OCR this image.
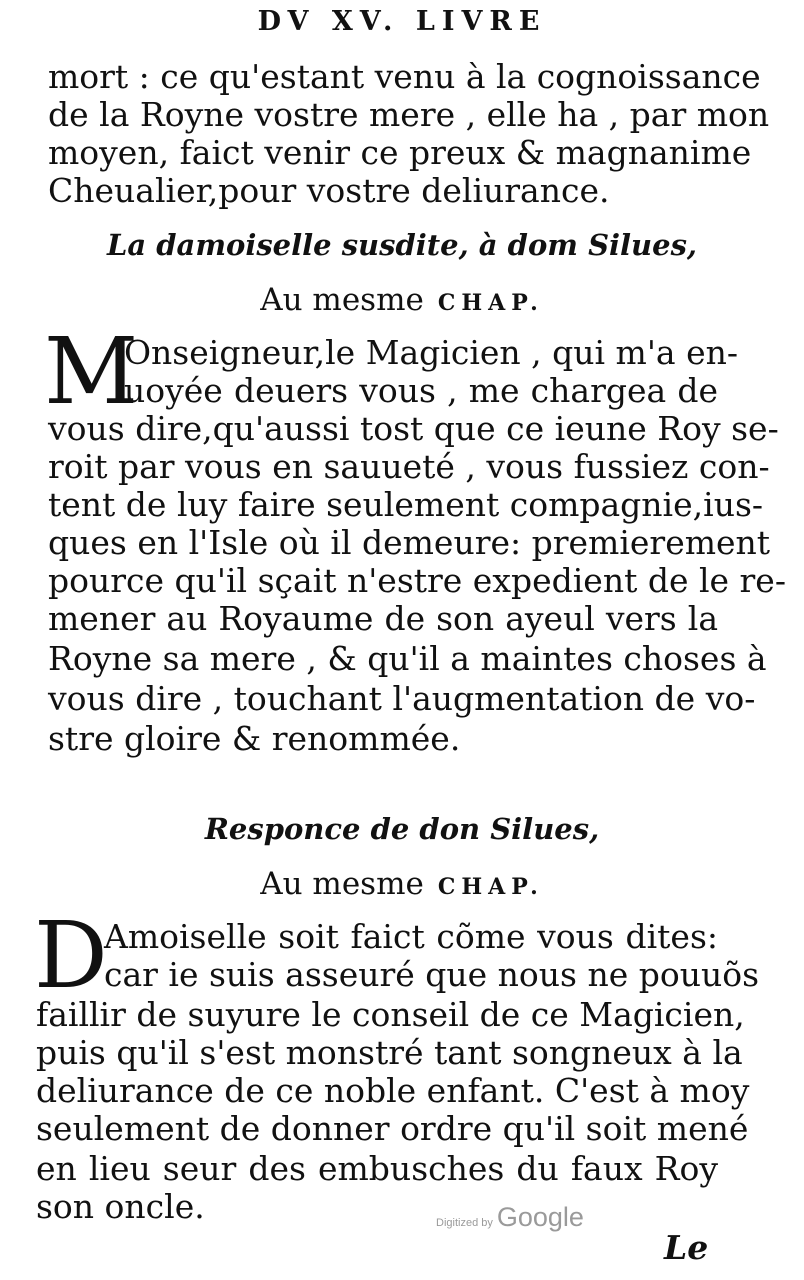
DV XV. LIVRE
mort : ce qu'estant venu à la cognoissance
de la Royne vostre mere , elle ha , par mon
moyen, faict venir ce preux & magnanime
Cheualier,pour vostre deliurance.
La damoiselle susdite, à dom Silues,
Au mesme CHAP.
M
Onseigneur,le Magicien , qui m'a en-
uoyée deuers vous , me chargea de
vous dire,qu'aussi tost que ce ieune Roy se-
roit par vous en sauueté , vous fussiez con-
tent de luy faire seulement compagnie,ius-
ques en l'Isle où il demeure: premierement
pource qu'il sçait n'estre expedient de le re-
mener au Royaume de son ayeul vers la
Royne sa mere , & qu'il a maintes choses à
vous dire , touchant l'augmentation de vo-
stre gloire & renommée.
Responce de don Silues,
Au mesme CHAP.
D
Amoiselle soit faict cõme vous dites:
car ie suis asseuré que nous ne pouuõs
faillir de suyure le conseil de ce Magicien,
puis qu'il s'est monstré tant songneux à la
deliurance de ce noble enfant. C'est à moy
seulement de donner ordre qu'il soit mené
en lieu seur des embusches du faux Roy
son oncle.	Digitized by Google
Le
